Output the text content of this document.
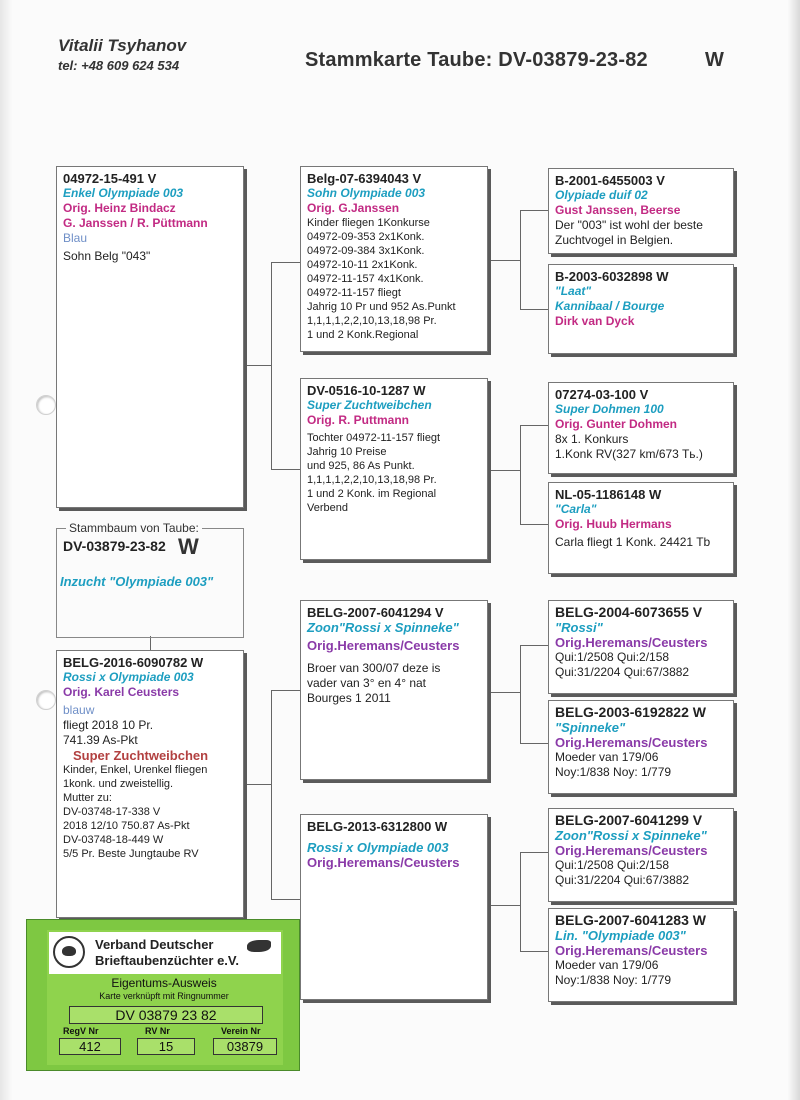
Vitalii Tsyhanov
tel: +48 609 624 534	Stammkarte Taube: DV-03879-23-82	W
04972-15-491 V
Enkel Olympiade 003
Orig. Heinz Bindacz
G. Janssen / R. Püttmann
Blau
Sohn Belg "043"
Stammbaum von Taube:
DV-03879-23-82 W
Inzucht "Olympiade 003"
BELG-2016-6090782 W
Rossi x Olympiade 003
Orig. Karel Ceusters
blauw
fliegt 2018 10 Pr.
741.39 As-Pkt
Super Zuchtweibchen
Kinder, Enkel, Urenkel fliegen
1konk. und zweistellig.
Mutter zu:
DV-03748-17-338 V
2018 12/10 750.87 As-Pkt
DV-03748-18-449 W
5/5 Pr. Beste Jungtaube RV
Belg-07-6394043 V
Sohn Olympiade 003
Orig. G.Janssen
Kinder fliegen 1Konkurse
04972-09-353 2x1Konk.
04972-09-384 3x1Konk.
04972-10-11 2x1Konk.
04972-11-157 4x1Konk.
04972-11-157 fliegt
Jahrig 10 Pr und 952 As.Punkt
1,1,1,1,2,2,10,13,18,98 Pr.
1 und 2 Konk.Regional
DV-0516-10-1287 W
Super Zuchtweibchen
Orig. R. Puttmann
Tochter 04972-11-157 fliegt
Jahrig 10 Preise
und 925, 86 As Punkt.
1,1,1,1,2,2,10,13,18,98 Pr.
1 und 2 Konk. im Regional
Verbend
BELG-2007-6041294 V
Zoon"Rossi x Spinneke"
Orig.Heremans/Ceusters
Broer van 300/07 deze is
vader van 3° en 4° nat
Bourges 1 2011
BELG-2013-6312800 W
Rossi x Olympiade 003
Orig.Heremans/Ceusters
B-2001-6455003 V
Olypiade duif 02
Gust Janssen, Beerse
Der "003" ist wohl der beste
Zuchtvogel in Belgien.
B-2003-6032898 W
"Laat"
Kannibaal / Bourge
Dirk van Dyck
07274-03-100 V
Super Dohmen 100
Orig. Gunter Dohmen
8x 1. Konkurs
1.Konk RV(327 km/673 Tь.)
NL-05-1186148 W
"Carla"
Orig. Huub Hermans
Carla fliegt 1 Konk. 24421 Tb
BELG-2004-6073655 V
"Rossi"
Orig.Heremans/Ceusters
Qui:1/2508 Qui:2/158
Qui:31/2204 Qui:67/3882
BELG-2003-6192822 W
"Spinneke"
Orig.Heremans/Ceusters
Moeder van 179/06
Noy:1/838 Noy: 1/779
BELG-2007-6041299 V
Zoon"Rossi x Spinneke"
Orig.Heremans/Ceusters
Qui:1/2508 Qui:2/158
Qui:31/2204 Qui:67/3882
BELG-2007-6041283 W
Lin. "Olympiade 003"
Orig.Heremans/Ceusters
Moeder van 179/06
Noy:1/838 Noy: 1/779
Verband Deutscher
Brieftaubenzüchter e.V.
Eigentums-Ausweis
Karte verknüpft mit Ringnummer
DV 03879 23 82
RegV Nr	RV Nr	Verein Nr
412	15	03879
